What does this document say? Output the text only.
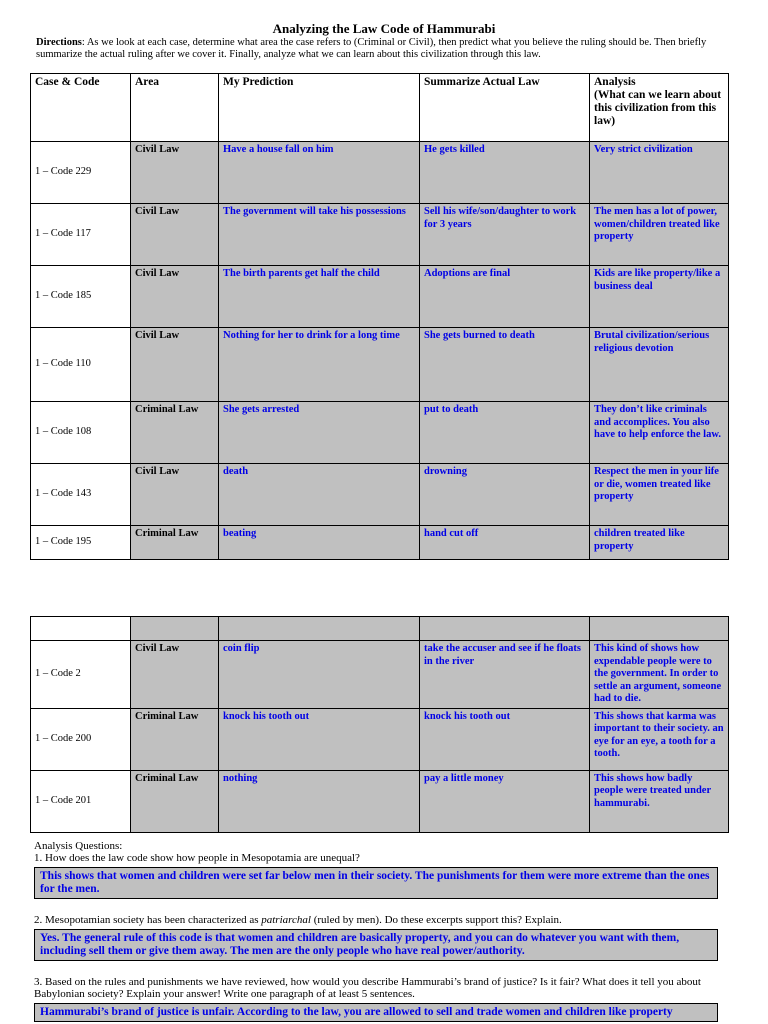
Analyzing the Law Code of Hammurabi
Directions: As we look at each case, determine what area the case refers to (Criminal or Civil), then predict what you believe the ruling should be. Then briefly summarize the actual ruling after we cover it. Finally, analyze what we can learn about this civilization through this law.
Case & Code	Area	My Prediction	Summarize Actual Law	Analysis
(What can we learn about this civilization from this law)
1 – Code 229	Civil Law	Have a house fall on him	He gets killed	Very strict civilization
1 – Code 117	Civil Law	The government will take his possessions	Sell his wife/son/daughter to work for 3 years	The men has a lot of power, women/children treated like property
1 – Code 185	Civil Law	The birth parents get half the child	Adoptions are final	Kids are like property/like a business deal
1 – Code 110	Civil Law	Nothing for her to drink for a long time	She gets burned to death	Brutal civilization/serious religious devotion
1 – Code 108	Criminal Law	She gets arrested	put to death	They don’t like criminals and accomplices. You also have to help enforce the law.
1 – Code 143	Civil Law	death	drowning	Respect the men in your life or die, women treated like property
1 – Code 195	Criminal Law	beating	hand cut off	children treated like property

1 – Code 2	Civil Law	coin flip	take the accuser and see if he floats in the river	This kind of shows how expendable people were to the government. In order to settle an argument, someone had to die.
1 – Code 200	Criminal Law	knock his tooth out	knock his tooth out	This shows that karma was important to their society. an eye for an eye, a tooth for a tooth.
1 – Code 201	Criminal Law	nothing	pay a little money	This shows how badly people were treated under hammurabi.
Analysis Questions:
1. How does the law code show how people in Mesopotamia are unequal?
This shows that women and children were set far below men in their society. The punishments for them were more extreme than the ones for the men.
2. Mesopotamian society has been characterized as patriarchal (ruled by men). Do these excerpts support this? Explain.
Yes. The general rule of this code is that women and children are basically property, and you can do whatever you want with them, including sell them or give them away. The men are the only people who have real power/authority.
3. Based on the rules and punishments we have reviewed, how would you describe Hammurabi’s brand of justice? Is it fair? What does it tell you about Babylonian society? Explain your answer! Write one paragraph of at least 5 sentences.
Hammurabi’s brand of justice is unfair. According to the law, you are allowed to sell and trade women and children like property
